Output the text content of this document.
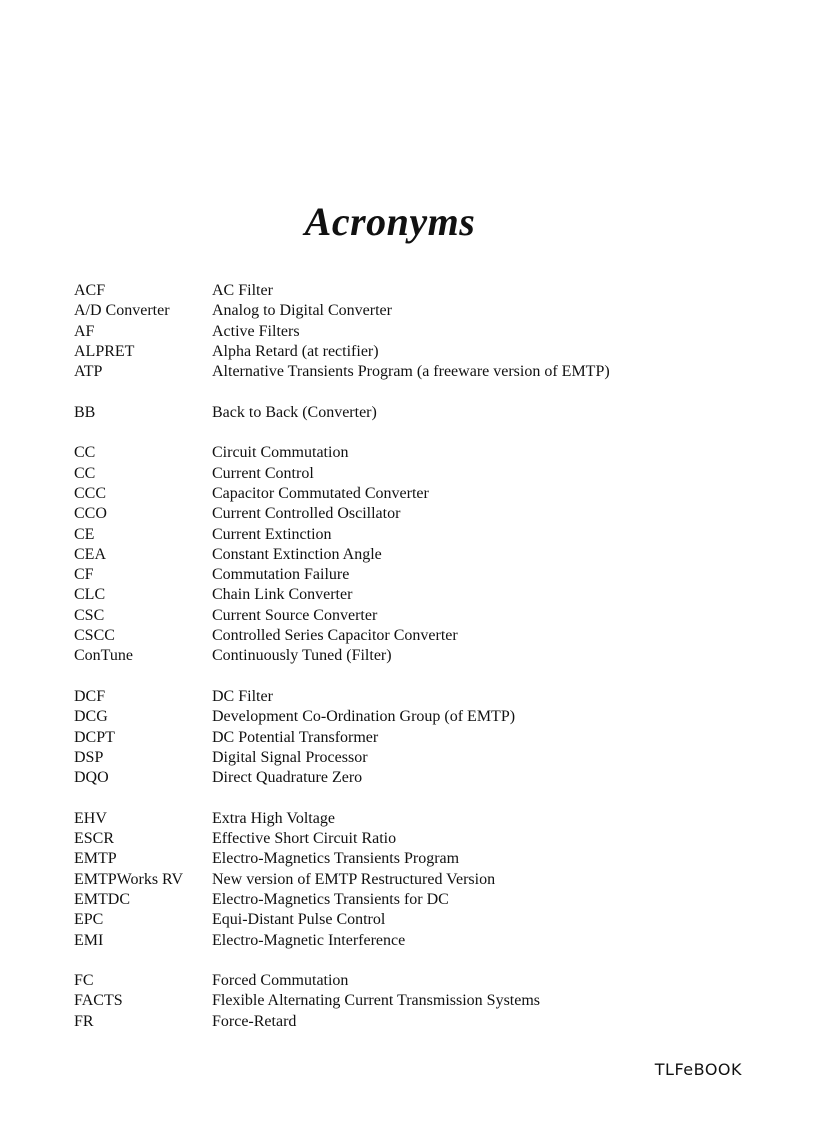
Acronyms
ACF	AC Filter
A/D Converter	Analog to Digital Converter
AF	Active Filters
ALPRET	Alpha Retard (at rectifier)
ATP	Alternative Transients Program (a freeware version of EMTP)
BB	Back to Back (Converter)
CC	Circuit Commutation
CC	Current Control
CCC	Capacitor Commutated Converter
CCO	Current Controlled Oscillator
CE	Current Extinction
CEA	Constant Extinction Angle
CF	Commutation Failure
CLC	Chain Link Converter
CSC	Current Source Converter
CSCC	Controlled Series Capacitor Converter
ConTune	Continuously Tuned (Filter)
DCF	DC Filter
DCG	Development Co-Ordination Group (of EMTP)
DCPT	DC Potential Transformer
DSP	Digital Signal Processor
DQO	Direct Quadrature Zero
EHV	Extra High Voltage
ESCR	Effective Short Circuit Ratio
EMTP	Electro-Magnetics Transients Program
EMTPWorks RV	New version of EMTP Restructured Version
EMTDC	Electro-Magnetics Transients for DC
EPC	Equi-Distant Pulse Control
EMI	Electro-Magnetic Interference
FC	Forced Commutation
FACTS	Flexible Alternating Current Transmission Systems
FR	Force-Retard
TLFeBOOK
